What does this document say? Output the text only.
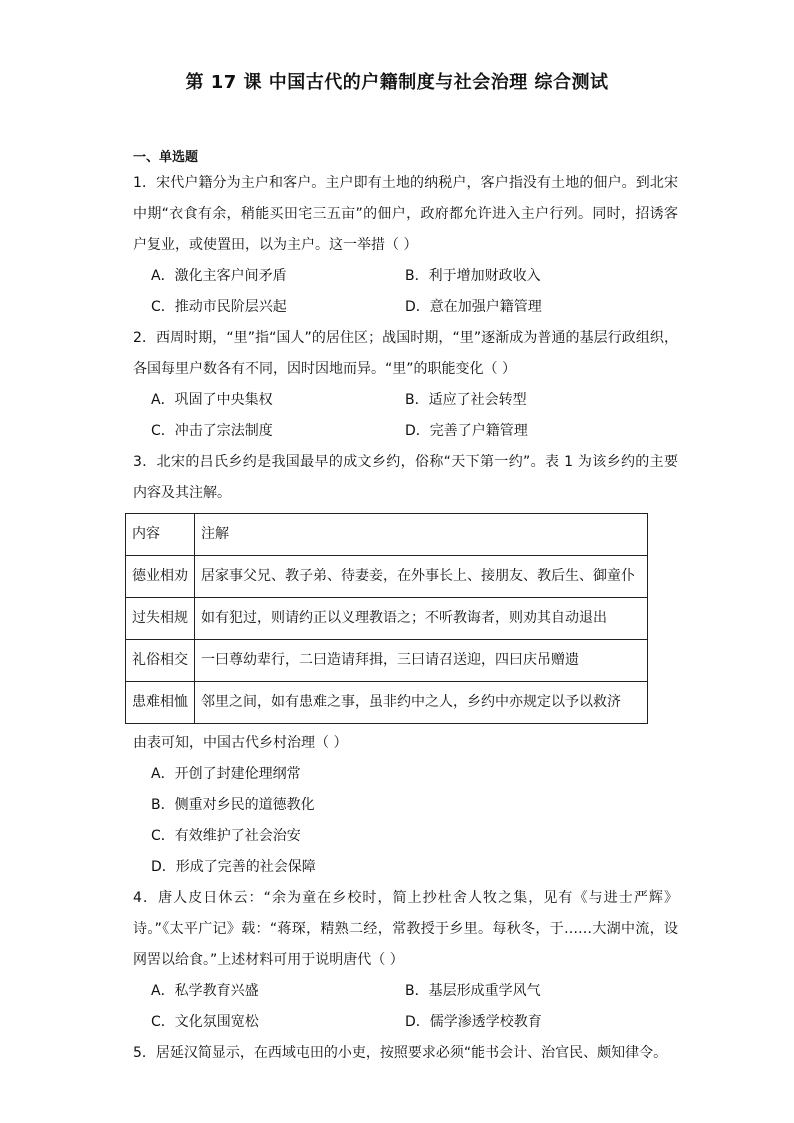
第 17 课 中国古代的户籍制度与社会治理 综合测试
一、单选题

1．宋代户籍分为主户和客户。主户即有土地的纳税户，客户指没有土地的佃户。到北宋中期“衣食有余，稍能买田宅三五亩”的佃户，政府都允许进入主户行列。同时，招诱客户复业，或使置田，以为主户。这一举措（ ）

A．激化主客户间矛盾	B．利于增加财政收入
C．推动市民阶层兴起	D．意在加强户籍管理

2．西周时期，“里”指“国人”的居住区；战国时期，“里”逐渐成为普通的基层行政组织，各国每里户数各有不同，因时因地而异。“里”的职能变化（ ）

A．巩固了中央集权	B．适应了社会转型
C．冲击了宗法制度	D．完善了户籍管理

3．北宋的吕氏乡约是我国最早的成文乡约，俗称“天下第一约”。表 1 为该乡约的主要内容及其注解。

内容	注解
德业相劝	居家事父兄、教子弟、待妻妾，在外事长上、接朋友、教后生、御童仆
过失相规	如有犯过，则请约正以义理教语之；不听教诲者，则劝其自动退出
礼俗相交	一曰尊幼辈行，二曰造请拜揖，三曰请召送迎，四曰庆吊赠遗
患难相恤	邻里之间，如有患难之事，虽非约中之人，乡约中亦规定以予以救济

由表可知，中国古代乡村治理（ ）

A．开创了封建伦理纲常
B．侧重对乡民的道德教化
C．有效维护了社会治安
D．形成了完善的社会保障

4．唐人皮日休云：“余为童在乡校时，简上抄杜舍人牧之集，见有《与进士严辉》诗。”《太平广记》载：“蒋琛，精熟二经，常教授于乡里。每秋冬，于……大湖中流，设网罟以给食。”上述材料可用于说明唐代（ ）

A．私学教育兴盛	B．基层形成重学风气
C．文化氛围宽松	D．儒学渗透学校教育

5．居延汉简显示，在西域屯田的小吏，按照要求必须“能书会计、治官民、颇知律令。
